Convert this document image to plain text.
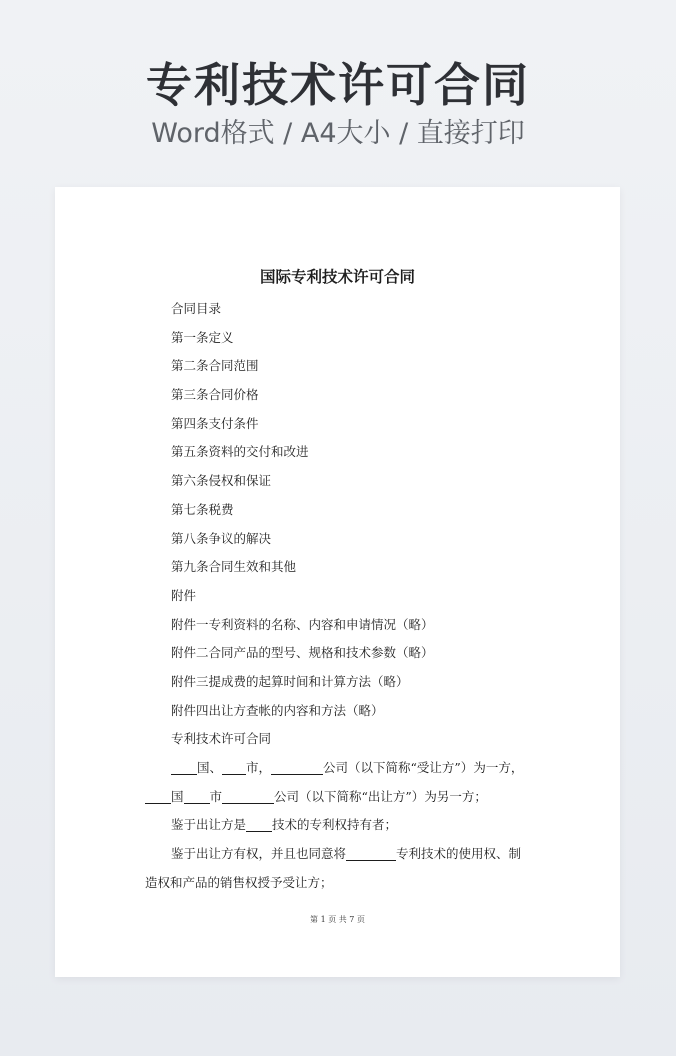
专利技术许可合同
Word格式 / A4大小 / 直接打印
国际专利技术许可合同
合同目录
第一条定义
第二条合同范围
第三条合同价格
第四条支付条件
第五条资料的交付和改进
第六条侵权和保证
第七条税费
第八条争议的解决
第九条合同生效和其他
附件
附件一专利资料的名称、内容和申请情况（略）
附件二合同产品的型号、规格和技术参数（略）
附件三提成费的起算时间和计算方法（略）
附件四出让方查帐的内容和方法（略）
专利技术许可合同
国、 市，	公司（以下简称“受让方”）为一方，
国 市	公司（以下简称“出让方”）为另一方；
鉴于出让方是 技术的专利权持有者；
鉴于出让方有权，并且也同意将	专利技术的使用权、制
造权和产品的销售权授予受让方；
第 1 页 共 7 页
